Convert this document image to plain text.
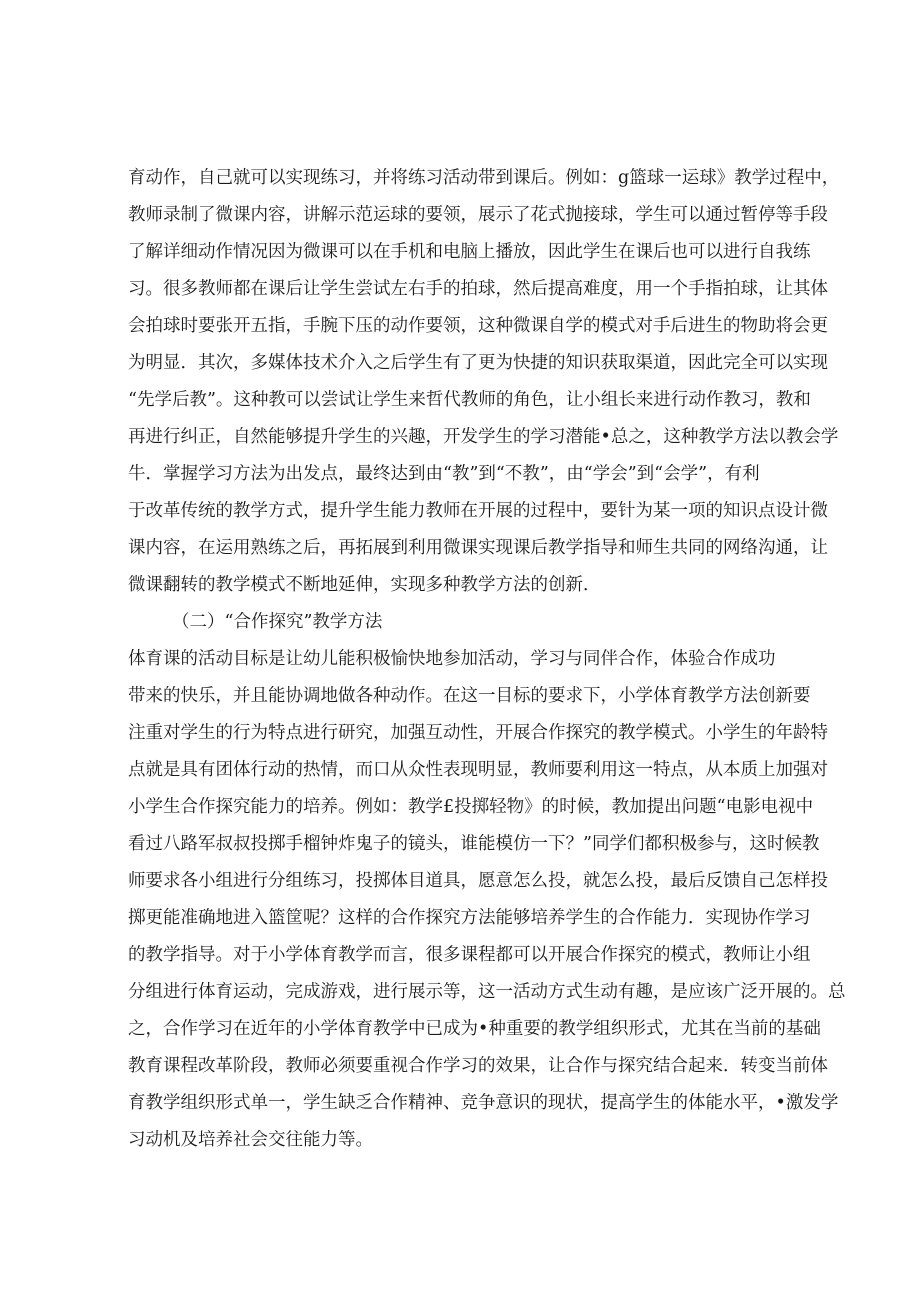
育动作，自己就可以实现练习，并将练习活动带到课后。例如：g篮球一运球》教学过程中，
教师录制了微课内容，讲解示范运球的要领，展示了花式抛接球，学生可以通过暂停等手段
了解详细动作情况因为微课可以在手机和电脑上播放，因此学生在课后也可以进行自我练
习。很多教师都在课后让学生尝试左右手的拍球，然后提高难度，用一个手指拍球，让其体
会拍球时要张开五指，手腕下压的动作要领，这种微课自学的模式对手后进生的物助将会更
为明显．其次，多媒体技术介入之后学生有了更为快捷的知识获取渠道，因此完全可以实现
“先学后教”。这种教可以尝试让学生来哲代教师的角色，让小组长来进行动作教习，教和
再进行纠正，自然能够提升学生的兴趣，开发学生的学习潜能•总之，这种教学方法以教会学
牛．掌握学习方法为出发点，最终达到由“教”到“不教”，由“学会”到“会学”，有利
于改革传统的教学方式，提升学生能力教师在开展的过程中，要针为某一项的知识点设计微
课内容，在运用熟练之后，再拓展到利用微课实现课后教学指导和师生共同的网络沟通，让
微课翻转的教学模式不断地延伸，实现多种教学方法的创新．
（二）“合作探究”教学方法
体育课的活动目标是让幼儿能积极愉快地参加活动，学习与同伴合作，体验合作成功
带来的快乐，并且能协调地做各种动作。在这一目标的要求下，小学体育教学方法创新要
注重对学生的行为特点进行研究，加强互动性，开展合作探究的教学模式。小学生的年龄特
点就是具有团体行动的热情，而口从众性表现明显，教师要利用这一特点，从本质上加强对
小学生合作探究能力的培养。例如：教学£投掷轻物》的时候，教加提出问题“电影电视中
看过八路军叔叔投掷手榴钟炸鬼子的镜头，谁能模仿一下？”同学们都积极参与，这时候教
师要求各小组进行分组练习，投掷体目道具，愿意怎么投，就怎么投，最后反馈自己怎样投
掷更能准确地进入篮筐呢？这样的合作探究方法能够培养学生的合作能力．实现协作学习
的教学指导。对于小学体育教学而言，很多课程都可以开展合作探究的模式，教师让小组
分组进行体育运动，完成游戏，进行展示等，这一活动方式生动有趣，是应该广泛开展的。总
之，合作学习在近年的小学体育教学中已成为•种重要的教学组织形式，尤其在当前的基础
教育课程改革阶段，教师必须要重视合作学习的效果，让合作与探究结合起来．转变当前体
育教学组织形式单一，学生缺乏合作精神、竞争意识的现状，提高学生的体能水平，•激发学
习动机及培养社会交往能力等。
